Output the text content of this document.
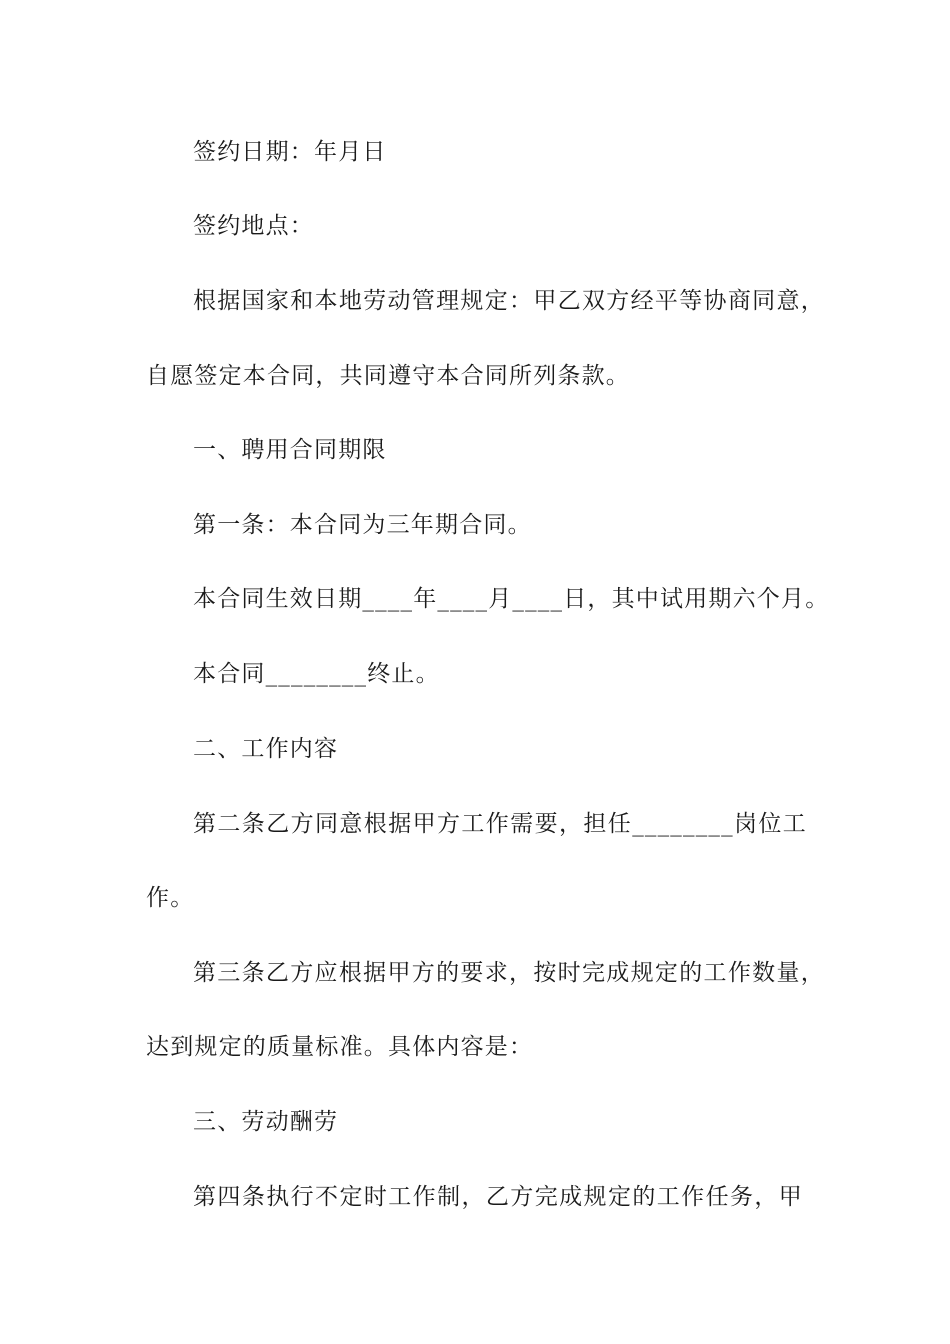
签约日期：年月日
签约地点：
根据国家和本地劳动管理规定：甲乙双方经平等协商同意，
自愿签定本合同，共同遵守本合同所列条款。
一、聘用合同期限
第一条：本合同为三年期合同。
本合同生效日期____年____月____日，其中试用期六个月。
本合同________终止。
二、工作内容
第二条乙方同意根据甲方工作需要，担任________岗位工
作。
第三条乙方应根据甲方的要求，按时完成规定的工作数量，
达到规定的质量标准。具体内容是：
三、劳动酬劳
第四条执行不定时工作制，乙方完成规定的工作任务，甲
